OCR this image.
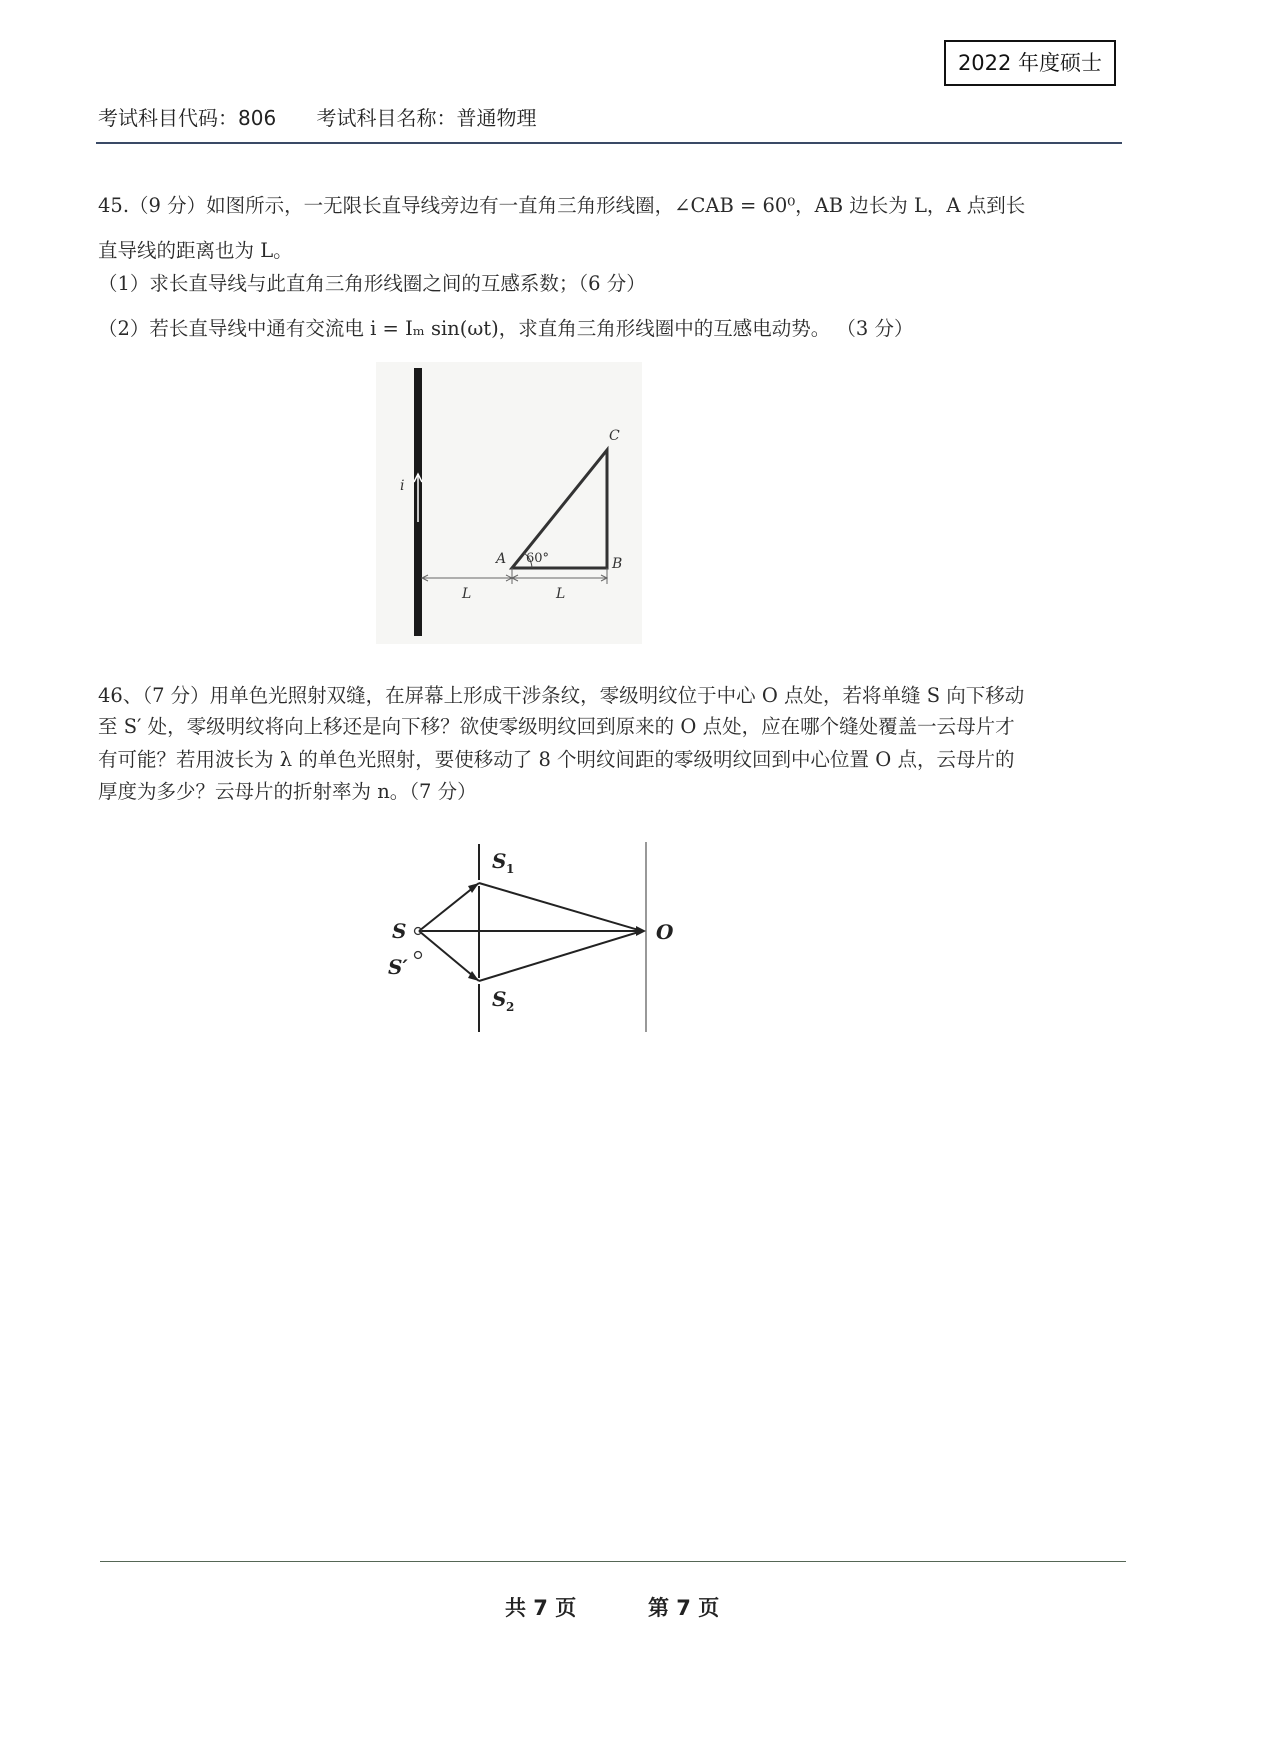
2022 年度硕士
考试科目代码：806 考试科目名称：普通物理
45.（9 分）如图所示，一无限长直导线旁边有一直角三角形线圈，∠CAB = 60⁰，AB 边长为 L，A 点到长
直导线的距离也为 L。
（1）求长直导线与此直角三角形线圈之间的互感系数；（6 分）
（2）若长直导线中通有交流电 i = Iₘ sin(ωt)，求直角三角形线圈中的互感电动势。 （3 分）
i
60°
C
A	B
L	L
46、（7 分）用单色光照射双缝，在屏幕上形成干涉条纹，零级明纹位于中心 O 点处，若将单缝 S 向下移动
至 S′ 处，零级明纹将向上移还是向下移？欲使零级明纹回到原来的 O 点处，应在哪个缝处覆盖一云母片才
有可能？若用波长为 λ 的单色光照射，要使移动了 8 个明纹间距的零级明纹回到中心位置 O 点，云母片的
厚度为多少？云母片的折射率为 n。（7 分）
S
S′
S 1
S 2
O
共 7 页	第 7 页
